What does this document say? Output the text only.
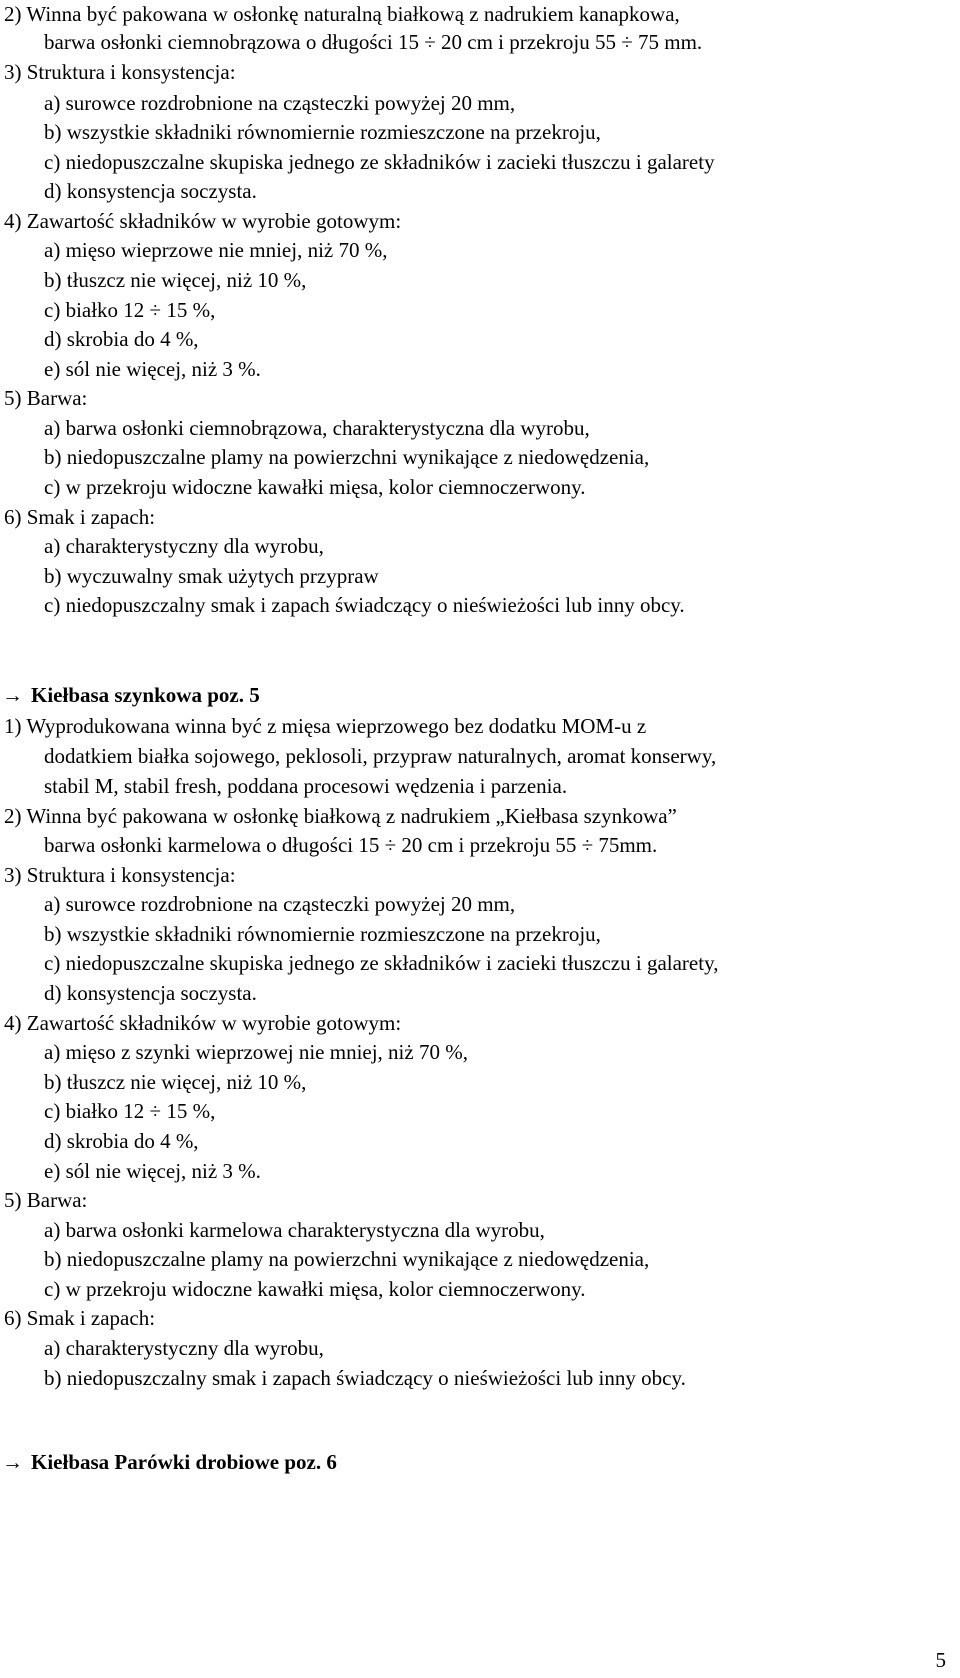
2) Winna być pakowana w osłonkę naturalną białkową z nadrukiem kanapkowa,
barwa osłonki ciemnobrązowa o długości 15 ÷ 20 cm i przekroju 55 ÷ 75 mm.
3) Struktura i konsystencja:
a) surowce rozdrobnione na cząsteczki powyżej 20 mm,
b) wszystkie składniki równomiernie rozmieszczone na przekroju,
c) niedopuszczalne skupiska jednego ze składników i zacieki tłuszczu i galarety
d) konsystencja soczysta.
4) Zawartość składników w wyrobie gotowym:
a) mięso wieprzowe nie mniej, niż 70 %,
b) tłuszcz nie więcej, niż 10 %,
c) białko 12 ÷ 15 %,
d) skrobia do 4 %,
e) sól nie więcej, niż 3 %.
5) Barwa:
a) barwa osłonki ciemnobrązowa, charakterystyczna dla wyrobu,
b) niedopuszczalne plamy na powierzchni wynikające z niedowędzenia,
c) w przekroju widoczne kawałki mięsa, kolor ciemnoczerwony.
6) Smak i zapach:
a) charakterystyczny dla wyrobu,
b) wyczuwalny smak użytych przypraw
c) niedopuszczalny smak i zapach świadczący o nieświeżości lub inny obcy.
→ Kiełbasa szynkowa poz. 5
1) Wyprodukowana winna być z mięsa wieprzowego bez dodatku MOM-u z
dodatkiem białka sojowego, peklosoli, przypraw naturalnych, aromat konserwy,
stabil M, stabil fresh, poddana procesowi wędzenia i parzenia.
2) Winna być pakowana w osłonkę białkową z nadrukiem „Kiełbasa szynkowa”
barwa osłonki karmelowa o długości 15 ÷ 20 cm i przekroju 55 ÷ 75mm.
3) Struktura i konsystencja:
a) surowce rozdrobnione na cząsteczki powyżej 20 mm,
b) wszystkie składniki równomiernie rozmieszczone na przekroju,
c) niedopuszczalne skupiska jednego ze składników i zacieki tłuszczu i galarety,
d) konsystencja soczysta.
4) Zawartość składników w wyrobie gotowym:
a) mięso z szynki wieprzowej nie mniej, niż 70 %,
b) tłuszcz nie więcej, niż 10 %,
c) białko 12 ÷ 15 %,
d) skrobia do 4 %,
e) sól nie więcej, niż 3 %.
5) Barwa:
a) barwa osłonki karmelowa charakterystyczna dla wyrobu,
b) niedopuszczalne plamy na powierzchni wynikające z niedowędzenia,
c) w przekroju widoczne kawałki mięsa, kolor ciemnoczerwony.
6) Smak i zapach:
a) charakterystyczny dla wyrobu,
b) niedopuszczalny smak i zapach świadczący o nieświeżości lub inny obcy.
→ Kiełbasa Parówki drobiowe poz. 6
5
